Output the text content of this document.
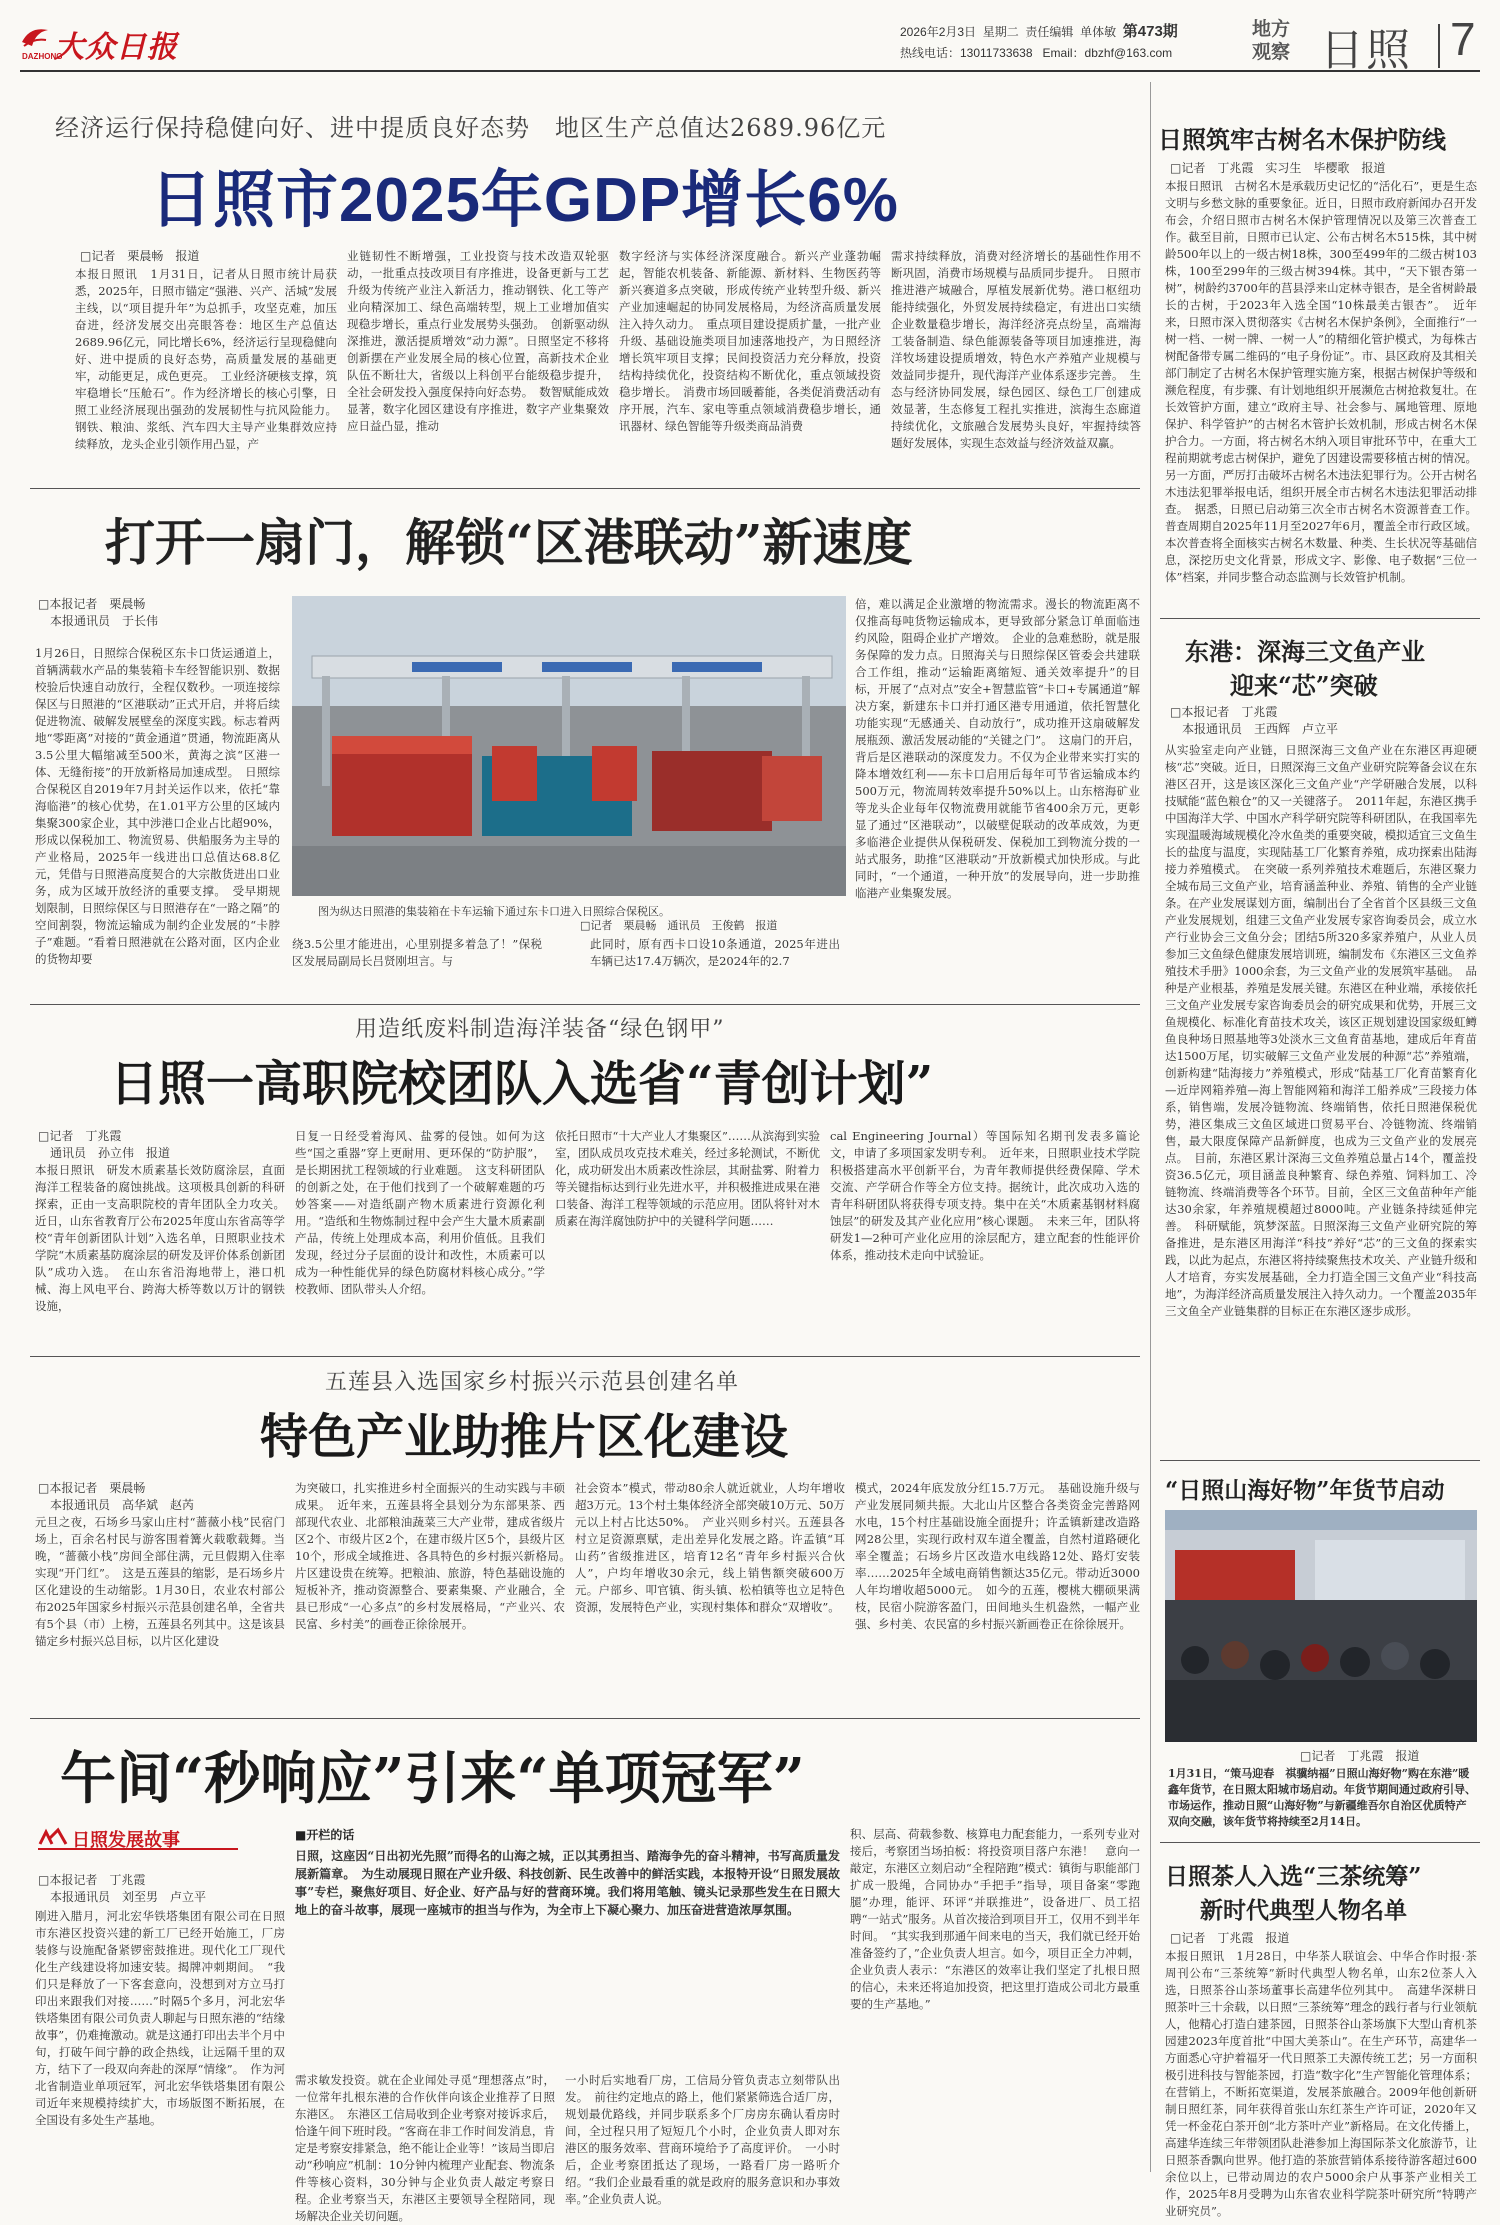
大众日报
DAZHONG
2026年2月3日 星期二 责任编辑 单体敏 第473期
热线电话：13011733638 Email：dbzhf@163.com
地方观察 日照 7
经济运行保持稳健向好、进中提质良好态势　地区生产总值达2689.96亿元
日照市2025年GDP增长6%
□记者　栗晨畅　报道
本报日照讯　1月31日，记者从日照市统计局获悉，2025年，日照市锚定“强港、兴产、活城”发展主线，以“项目提升年”为总抓手，攻坚克难，加压奋进，经济发展交出亮眼答卷：地区生产总值达2689.96亿元，同比增长6%，经济运行呈现稳健向好、进中提质的良好态势，高质量发展的基础更牢，动能更足，成色更亮。　工业经济硬核支撑，筑牢稳增长“压舱石”。作为经济增长的核心引擎，日照工业经济展现出强劲的发展韧性与抗风险能力。钢铁、粮油、浆纸、汽车四大主导产业集群效应持续释放，龙头企业引领作用凸显，产
业链韧性不断增强，工业投资与技术改造双轮驱动，一批重点技改项目有序推进，设备更新与工艺升级为传统产业注入新活力，推动钢铁、化工等产业向精深加工、绿色高端转型，规上工业增加值实现稳步增长，重点行业发展势头强劲。　创新驱动纵深推进，激活提质增效“动力源”。日照坚定不移将创新摆在产业发展全局的核心位置，高新技术企业队伍不断壮大，省级以上科创平台能级稳步提升，全社会研发投入强度保持向好态势。　数智赋能成效显著，数字化园区建设有序推进，数字产业集聚效应日益凸显，推动
数字经济与实体经济深度融合。新兴产业蓬勃崛起，智能农机装备、新能源、新材料、生物医药等新兴赛道多点突破，形成传统产业转型升级、新兴产业加速崛起的协同发展格局，为经济高质量发展注入持久动力。　重点项目建设提质扩量，一批产业升级、基础设施类项目加速落地投产，为日照经济增长筑牢项目支撑；民间投资活力充分释放，投资结构持续优化，投资结构不断优化，重点领域投资稳步增长。　消费市场回暖蓄能，各类促消费活动有序开展，汽车、家电等重点领域消费稳步增长，通讯器材、绿色智能等升级类商品消费
需求持续释放，消费对经济增长的基础性作用不断巩固，消费市场规模与品质同步提升。　日照市推进港产城融合，厚植发展新优势。港口枢纽功能持续强化，外贸发展持续稳定，有进出口实绩企业数量稳步增长，海洋经济亮点纷呈，高端海工装备制造、绿色能源装备等项目加速推进，海洋牧场建设提质增效，特色水产养殖产业规模与效益同步提升，现代海洋产业体系逐步完善。　生态与经济协同发展，绿色园区、绿色工厂创建成效显著，生态修复工程扎实推进，滨海生态廊道持续优化，文旅融合发展势头良好，牢握持续答题好发展体，实现生态效益与经济效益双赢。
打开一扇门，解锁“区港联动”新速度
□本报记者　栗晨畅
　本报通讯员　于长伟
1月26日，日照综合保税区东卡口货运通道上，首辆满载水产品的集装箱卡车经智能识别、数据校验后快速自动放行，全程仅数秒。一项连接综保区与日照港的“区港联动”正式开启，并将后续促进物流、破解发展壁垒的深度实践。标志着两地“零距离”对接的“黄金通道”贯通，物流距离从3.5公里大幅缩减至500米，黄海之滨“区港一体、无缝衔接”的开放新格局加速成型。　日照综合保税区自2019年7月封关运作以来，依托“靠海临港”的核心优势，在1.01平方公里的区域内集聚300家企业，其中涉港口企业占比超90%，形成以保税加工、物流贸易、供船服务为主导的产业格局，2025年一线进出口总值达68.8亿元，凭借与日照港高度契合的大宗散货进出口业务，成为区域开放经济的重要支撑。　受早期规划限制，日照综保区与日照港存在“一路之隔”的空间割裂，物流运输成为制约企业发展的“卡脖子”难题。“看着日照港就在公路对面，区内企业的货物却要
图为纵达日照港的集装箱在卡车运输下通过东卡口进入日照综合保税区。
□记者　栗晨畅　通讯员　王俊鹤　报道
绕3.5公里才能进出，心里别提多着急了！”保税区发展局副局长吕贤刚坦言。与
此同时，原有西卡口设10条通道，2025年进出车辆已达17.4万辆次，是2024年的2.7
倍，难以满足企业激增的物流需求。漫长的物流距离不仅推高每吨货物运输成本，更导致部分紧急订单面临违约风险，阻碍企业扩产增效。　企业的急难愁盼，就是服务保障的发力点。日照海关与日照综保区管委会共建联合工作组，推动“运输距离缩短、通关效率提升”的目标，开展了“点对点”安全+智慧监管“卡口+专属通道”解决方案，新建东卡口并打通区港专用通道，依托智慧化功能实现“无感通关、自动放行”，成功推开这扇破解发展瓶颈、激活发展动能的“关键之门”。　这扇门的开启，背后是区港联动的深度发力。不仅为企业带来实打实的降本增效红利——东卡口启用后每年可节省运输成本约500万元，物流周转效率提升50%以上。山东榕海矿业等龙头企业每年仅物流费用就能节省400余万元，更彰显了通过“区港联动”，以破壁促联动的改革成效，为更多临港企业提供从保税研发、保税加工到物流分拨的一站式服务，助推“区港联动”开放新模式加快形成。与此同时，“一个通道，一种开放”的发展导向，进一步助推临港产业集聚发展。
用造纸废料制造海洋装备“绿色钢甲”
日照一高职院校团队入选省“青创计划”
□记者　丁兆霞
　通讯员　孙立伟　报道
本报日照讯　研发木质素基长效防腐涂层，直面海洋工程装备的腐蚀挑战。这项极具创新的科研探索，正由一支高职院校的青年团队全力攻关。近日，山东省教育厅公布2025年度山东省高等学校“青年创新团队计划”入选名单，日照职业技术学院“木质素基防腐涂层的研发及评价体系创新团队”成功入选。　在山东省沿海地带上，港口机械、海上风电平台、跨海大桥等数以万计的钢铁设施，
日复一日经受着海风、盐雾的侵蚀。如何为这些“国之重器”穿上更耐用、更环保的“防护服”，是长期困扰工程领域的行业难题。　这支科研团队的创新之处，在于他们找到了一个破解难题的巧妙答案——对造纸副产物木质素进行资源化利用。“造纸和生物炼制过程中会产生大量木质素副产品，传统上处理成本高，利用价值低。且我们发现，经过分子层面的设计和改性，木质素可以成为一种性能优异的绿色防腐材料核心成分。”学校教师、团队带头人介绍。
依托日照市“十大产业人才集聚区”……从滨海到实验室，团队成员攻克技术难关，经过多轮测试，不断优化，成功研发出木质素改性涂层，其耐盐雾、附着力等关键指标达到行业先进水平，并积极推进成果在港口装备、海洋工程等领域的示范应用。团队将针对木质素在海洋腐蚀防护中的关键科学问题……
cal Engineering Journal）等国际知名期刊发表多篇论文，申请了多项国家发明专利。　近年来，日照职业技术学院积极搭建高水平创新平台，为青年教师提供经费保障、学术交流、产学研合作等全方位支持。据统计，此次成功入选的青年科研团队将获得专项支持。集中在关“木质素基钢材料腐蚀层”的研发及其产业化应用”核心课题。　未来三年，团队将研发1—2种可产业化应用的涂层配方，建立配套的性能评价体系，推动技术走向中试验证。
五莲县入选国家乡村振兴示范县创建名单
特色产业助推片区化建设
□本报记者　栗晨畅
　本报通讯员　高华斌　赵芮
元旦之夜，石场乡马家山庄村“蔷薇小栈”民宿门场上，百余名村民与游客围着篝火载歌载舞。当晚，“蔷薇小栈”房间全部住满，元旦假期入住率实现“开门红”。　这是五莲县的缩影，是石场乡片区化建设的生动缩影。1月30日，农业农村部公布2025年国家乡村振兴示范县创建名单，全省共有5个县（市）上榜，五莲县名列其中。这是该县锚定乡村振兴总目标，以片区化建设
为突破口，扎实推进乡村全面振兴的生动实践与丰硕成果。　近年来，五莲县将全县划分为东部果茶、西部现代农业、北部粮油蔬菜三大产业带，建成省级片区2个、市级片区2个，在建市级片区5个，县级片区10个，形成全域推进、各具特色的乡村振兴新格局。　片区建设贵在统筹。把粮油、旅游，特色基础设施的短板补齐，推动资源整合、要素集聚、产业融合，全县已形成“一心多点”的乡村发展格局，“产业兴、农民富、乡村美”的画卷正徐徐展开。
社会资本”模式，带动80余人就近就业，人均年增收超3万元。13个村土集体经济全部突破10万元、50万元以上村占比达50%。　产业兴则乡村兴。五莲县各村立足资源禀赋，走出差异化发展之路。许孟镇“耳山药”省级推进区，培育12名“青年乡村振兴合伙人”，户均年增收30余元，线上销售额突破600万元。户部乡、叩官镇、街头镇、松柏镇等也立足特色资源，发展特色产业，实现村集体和群众“双增收”。
模式，2024年底发放分红15.7万元。　基础设施升级与产业发展同频共振。大北山片区整合各类资金完善路网水电，15个村庄基础设施全面提升；许孟镇新建改造路网28公里，实现行政村双车道全覆盖，自然村道路硬化率全覆盖；石场乡片区改造水电线路12处、路灯安装率……2025年全域电商销售额达35亿元。带动近3000人年均增收超5000元。　如今的五莲，樱桃大棚硕果满枝，民宿小院游客盈门，田间地头生机盎然，一幅产业强、乡村美、农民富的乡村振兴新画卷正在徐徐展开。
午间“秒响应”引来“单项冠军”
日照发展故事
□本报记者　丁兆霞
　本报通讯员　刘至男　卢立平
刚进入腊月，河北宏华铁塔集团有限公司在日照市东港区投资兴建的新工厂已经开始施工，厂房装修与设施配备紧锣密鼓推进。现代化工厂现代化生产线建设将加速安装。揭牌冲刺期间。　“我们只是释放了一下客套意向，没想到对方立马打印出来跟我们对接……”时隔5个多月，河北宏华铁塔集团有限公司负责人聊起与日照东港的“结缘故事”，仍难掩激动。就是这通打印出去半个月中旬，打破午间宁静的政企热线，让远隔千里的双方，结下了一段双向奔赴的深厚“情缘”。　作为河北省制造业单项冠军，河北宏华铁塔集团有限公司近年来规模持续扩大，市场版图不断拓展，在全国设有多处生产基地。
■开栏的话
日照，这座因“日出初光先照”而得名的山海之城，正以其勇担当、踏海争先的奋斗精神，书写高质量发展新篇章。　为生动展现日照在产业升级、科技创新、民生改善中的鲜活实践，本报特开设“日照发展故事”专栏，聚焦好项目、好企业、好产品与好的营商环境。我们将用笔触、镜头记录那些发生在日照大地上的奋斗故事，展现一座城市的担当与作为，为全市上下凝心聚力、加压奋进营造浓厚氛围。
需求敏发投资。就在企业闻处寻觅“理想落点”时，一位常年扎根东港的合作伙伴向该企业推荐了日照东港区。　东港区工信局收到企业考察对接诉求后，恰逢午间下班时段。“客商在非工作时间发消息，肯定是考察安排紧急，绝不能让企业等！”该局当即启动“秒响应”机制：10分钟内梳理产业配套、物流条件等核心资料，30分钟与企业负责人敲定考察日程。企业考察当天，东港区主要领导全程陪同，现场解决企业关切问题。
一小时后实地看厂房，工信局分管负责志立刻带队出发。　前往约定地点的路上，他们紧紧筛选合适厂房，规划最优路线，并同步联系多个厂房房东确认看房时间，全过程只用了短短几个小时，企业负责人即对东港区的服务效率、营商环境给予了高度评价。　一小时后，企业考察团抵达了现场，一路看厂房一路听介绍。“我们企业最看重的就是政府的服务意识和办事效率。”企业负责人说。
积、层高、荷载参数、核算电力配套能力，一系列专业对接后，考察团当场拍板：将投资项目落户东港！　意向一敲定，东港区立刻启动“全程陪跑”模式：镇街与职能部门扩成一股绳，合同协办“手把手”指导，项目备案“零跑腿”办理，能评、环评“并联推进”，设备进厂、员工招聘“一站式”服务。从首次接洽到项目开工，仅用不到半年时间。　“其实我到那通午间来电的当天，我们就已经开始准备签约了，”企业负责人坦言。如今，项目正全力冲刺，企业负责人表示：“东港区的效率让我们坚定了扎根日照的信心，未来还将追加投资，把这里打造成公司北方最重要的生产基地。”
日照筑牢古树名木保护防线
□记者　丁兆霞　实习生　毕樱歌　报道
本报日照讯　古树名木是承载历史记忆的“活化石”，更是生态文明与乡愁文脉的重要象征。近日，日照市政府新闻办召开发布会，介绍日照市古树名木保护管理情况以及第三次普查工作。截至目前，日照市已认定、公布古树名木515株，其中树龄500年以上的一级古树18株，300至499年的二级古树103株，100至299年的三级古树394株。其中，“天下银杏第一树”，树龄约3700年的莒县浮来山定林寺银杏，是全省树龄最长的古树，于2023年入选全国“10株最美古银杏”。　近年来，日照市深入贯彻落实《古树名木保护条例》，全面推行“一树一档、一树一牌、一树一人”的精细化管护模式，为每株古树配备带专属二维码的“电子身份证”。市、县区政府及其相关部门制定了古树名木保护管理实施方案，根据古树保护等级和濒危程度，有步骤、有计划地组织开展濒危古树抢救复壮。在长效管护方面，建立“政府主导、社会参与、属地管理、原地保护、科学管护”的古树名木管护长效机制，形成古树名木保护合力。一方面，将古树名木纳入项目审批环节中，在重大工程前期就考虑古树保护，避免了因建设需要移植古树的情况。另一方面，严厉打击破坏古树名木违法犯罪行为。公开古树名木违法犯罪举报电话，组织开展全市古树名木违法犯罪活动排查。　据悉，日照已启动第三次全市古树名木资源普查工作。普查周期自2025年11月至2027年6月，覆盖全市行政区域。本次普查将全面核实古树名木数量、种类、生长状况等基础信息，深挖历史文化背景，形成文字、影像、电子数据“三位一体”档案，并同步整合动态监测与长效管护机制。
东港：深海三文鱼产业
迎来“芯”突破
□本报记者　丁兆霞
　本报通讯员　王西辉　卢立平
从实验室走向产业链，日照深海三文鱼产业在东港区再迎硬核“芯”突破。近日，日照深海三文鱼产业研究院筹备会议在东港区召开，这是该区深化三文鱼产业“产学研融合发展，以科技赋能“蓝色粮仓”的又一关键落子。　2011年起，东港区携手中国海洋大学、中国水产科学研究院等科研团队，在我国率先实现温暖海域规模化冷水鱼类的重要突破，模拟适宜三文鱼生长的盐度与温度，实现陆基工厂化繁育养殖，成功探索出陆海接力养殖模式。　在突破一系列养殖技术难题后，东港区聚力全城布局三文鱼产业，培育涵盖种业、养殖、销售的全产业链条。在产业发展谋划方面，编制出台了全省首个区县级三文鱼产业发展规划，组建三文鱼产业发展专家咨询委员会，成立水产行业协会三文鱼分会；团结5所320多家养殖户，从业人员参加三文鱼绿色健康发展培训班，编制发布《东港区三文鱼养殖技术手册》1000余套，为三文鱼产业的发展筑牢基础。　品种是产业根基，养殖是发展关键。东港区在种业端，承接依托三文鱼产业发展专家咨询委员会的研究成果和优势，开展三文鱼规模化、标准化育苗技术攻关，该区正规划建设国家级虹鳟鱼良种场日照基地等3处淡水三文鱼育苗基地，建成后年育苗达1500万尾，切实破解三文鱼产业发展的种源“芯”养殖端，创新构建“陆海接力”养殖模式，形成“陆基工厂化育苗繁育化—近岸网箱养殖—海上智能网箱和海洋工船养成”三段接力体系，销售端，发展冷链物流、终端销售，依托日照港保税优势，港区集成三文鱼区域进口贸易平台、冷链物流、终端销售，最大限度保障产品新鲜度，也成为三文鱼产业的发展亮点。　目前，东港区累计深海三文鱼养殖总量占14个，覆盖投资36.5亿元，项目涵盖良种繁育、绿色养殖、饲料加工、冷链物流、终端消费等各个环节。目前，全区三文鱼苗种年产能达30余家，年养殖规模超过8000吨。产业链条持续延伸完善。　科研赋能，筑梦深蓝。日照深海三文鱼产业研究院的筹备推进，是东港区用海洋“科技”养好“芯”的三文鱼的探索实践，以此为起点，东港区将持续聚焦技术攻关、产业链升级和人才培育，夯实发展基础，全力打造全国三文鱼产业“科技高地”，为海洋经济高质量发展注入持久动力。一个覆盖2035年三文鱼全产业链集群的目标正在东港区逐步成形。
“日照山海好物”年货节启动
□记者　丁兆霞　报道
1月31日，“策马迎春　祺骥纳福”日照山海好物”购在东港”暖鑫年货节，在日照太阳城市场启动。年货节期间通过政府引导、市场运作，推动日照“山海好物”与新疆维吾尔自治区优质特产双向交融，该年货节将持续至2月14日。
日照茶人入选“三茶统筹”
新时代典型人物名单
□记者　丁兆霞　报道
本报日照讯　1月28日，中华茶人联谊会、中华合作时报·茶周刊公布“三茶统筹”新时代典型人物名单，山东2位茶人入选，日照茶谷山茶场董事长高建华位列其中。　高建华深耕日照茶叶三十余载，以日照“三茶统筹”理念的践行者与行业领航人，他精心打造白建茶园，日照茶谷山茶场旗下大型山育机茶园建2023年度首批“中国大美茶山”。在生产环节，高建华一方面悉心守护着福牙一代日照茶工夫源传统工艺；另一方面积极引进科技与智能茶园，打造“数字化”生产智能化管理体系；在营销上，不断拓宽渠道，发展茶旅融合。2009年他创新研制日照红茶，同年获得首张山东红茶生产许可证，2020年又凭一杯金花白茶开创“北方茶叶产业”新格局。在文化传播上，高建华连续三年带领团队赴港参加上海国际茶文化旅游节，让日照茶香飘向世界。他打造的茶旅营销体系接待游客超过600余位以上，已带动周边的农户5000余户从事茶产业相关工作，2025年8月受聘为山东省农业科学院茶叶研究所“特聘产业研究员”。
